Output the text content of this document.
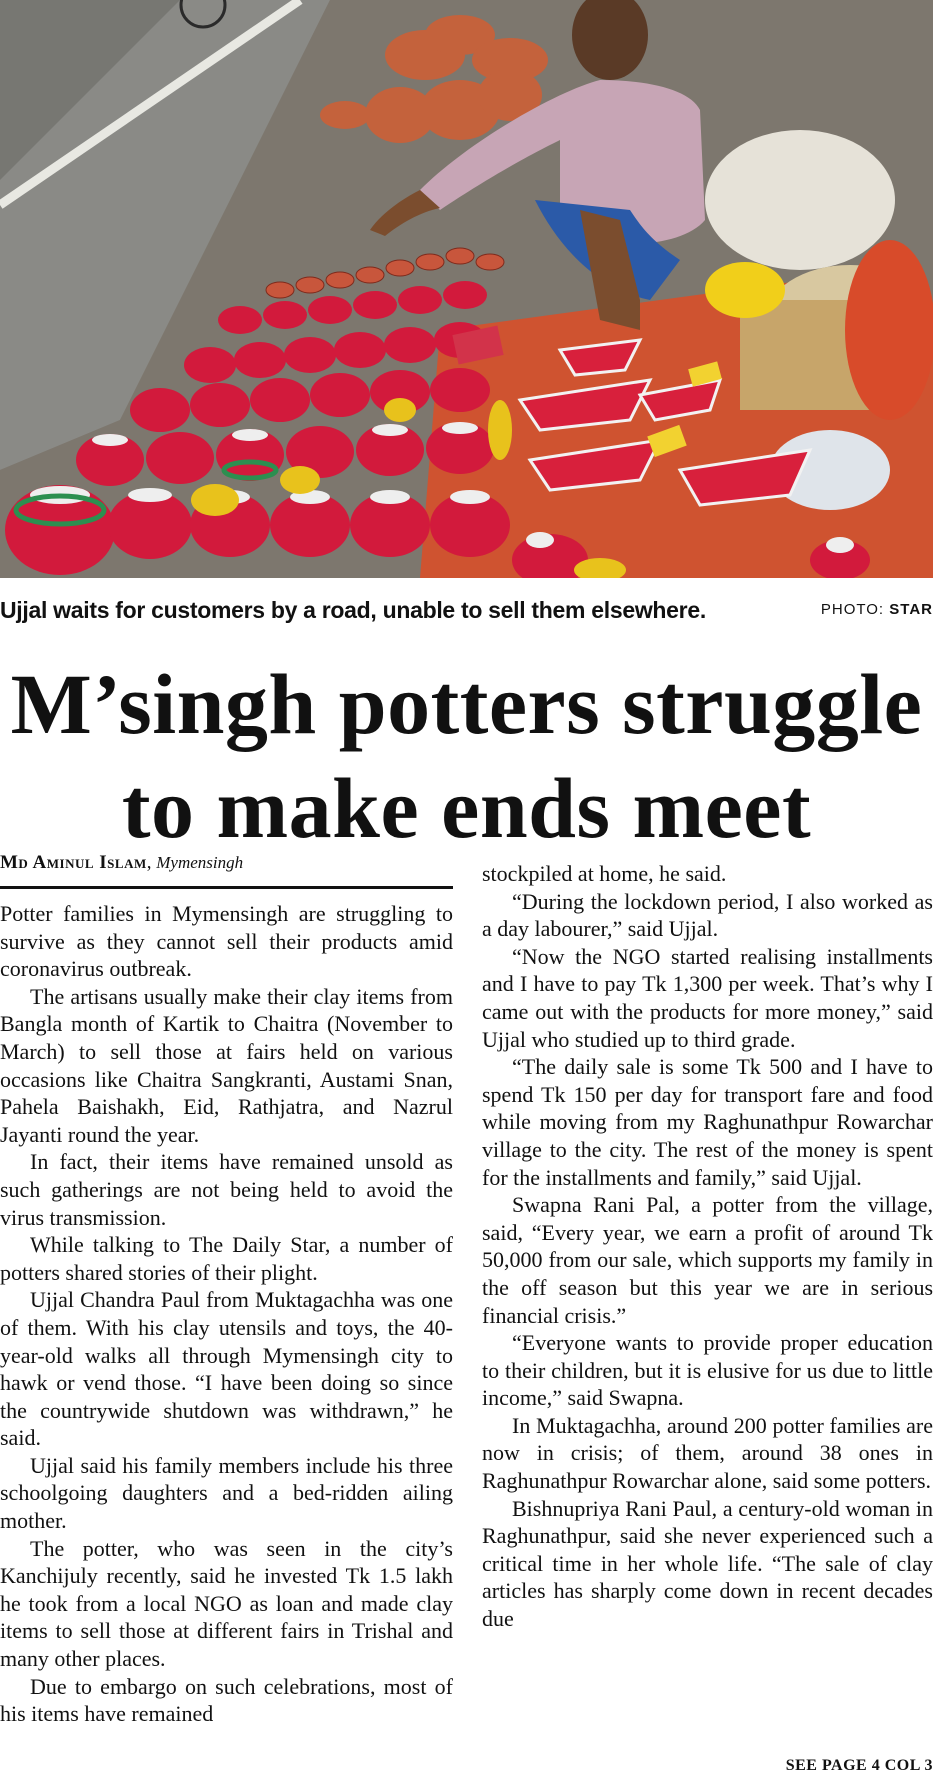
Ujjal waits for customers by a road, unable to sell them elsewhere.	PHOTO: STAR
M’singh potters struggle
to make ends meet
Md Aminul Islam, Mymensingh

Potter families in Mymensingh are struggling to survive as they cannot sell their products amid coronavirus outbreak.

The artisans usually make their clay items from Bangla month of Kartik to Chaitra (November to March) to sell those at fairs held on various occasions like Chaitra Sangkranti, Austami Snan, Pahela Baishakh, Eid, Rathjatra, and Nazrul Jayanti round the year.

In fact, their items have remained unsold as such gatherings are not being held to avoid the virus transmission.

While talking to The Daily Star, a number of potters shared stories of their plight.

Ujjal Chandra Paul from Muktagachha was one of them. With his clay utensils and toys, the 40-year-old walks all through Mymensingh city to hawk or vend those. “I have been doing so since the countrywide shutdown was withdrawn,” he said.

Ujjal said his family members include his three schoolgoing daughters and a bed-ridden ailing mother.

The potter, who was seen in the city’s Kanchijuly recently, said he invested Tk 1.5 lakh he took from a local NGO as loan and made clay items to sell those at different fairs in Trishal and many other places.

Due to embargo on such celebrations, most of his items have remained

stockpiled at home, he said.

“During the lockdown period, I also worked as a day labourer,” said Ujjal.

“Now the NGO started realising installments and I have to pay Tk 1,300 per week. That’s why I came out with the products for more money,” said Ujjal who studied up to third grade.

“The daily sale is some Tk 500 and I have to spend Tk 150 per day for transport fare and food while moving from my Raghunathpur Rowarchar village to the city. The rest of the money is spent for the installments and family,” said Ujjal.

Swapna Rani Pal, a potter from the village, said, “Every year, we earn a profit of around Tk 50,000 from our sale, which supports my family in the off season but this year we are in serious financial crisis.”

“Everyone wants to provide proper education to their children, but it is elusive for us due to little income,” said Swapna.

In Muktagachha, around 200 potter families are now in crisis; of them, around 38 ones in Raghunathpur Rowarchar alone, said some potters.

Bishnupriya Rani Paul, a century-old woman in Raghunathpur, said she never experienced such a critical time in her whole life. “The sale of clay articles has sharply come down in recent decades due

SEE PAGE 4 COL 3
